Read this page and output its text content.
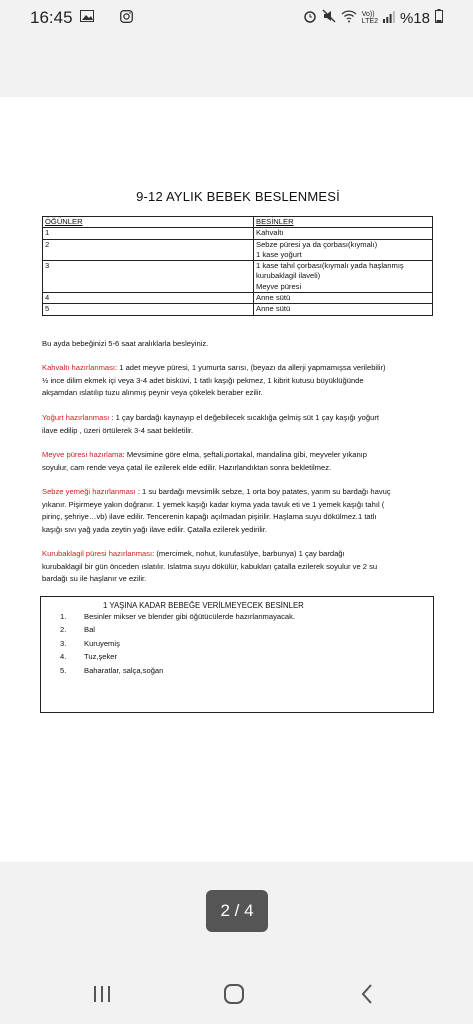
16:45	Vo))
LTE2 %18
9-12 AYLIK BEBEK BESLENMESİ
ÖĞÜNLER	BESİNLER
1	Kahvaltı

2	Sebze püresi ya da çorbası(kıymalı)
1 kase yoğurt

3	1 kase tahıl çorbası(kıymalı yada haşlanmış
kurubaklagil ilaveli)
Meyve püresi

4	Anne sütü

5	Anne sütü
Bu ayda bebeğinizi 5-6 saat aralıklarla besleyiniz.
Kahvaltı hazırlanması: 1 adet meyve püresi, 1 yumurta sarısı, (beyazı da allerji yapmamışsa verilebilir)
½ ince dilim ekmek içi veya 3-4 adet bisküvi, 1 tatlı kaşığı pekmez, 1 kibrit kutusu büyüklüğünde
akşamdan ıslatılıp tuzu alınmış peynir veya çökelek beraber ezilir.
Yoğurt hazırlanması : 1 çay bardağı kaynayıp el değebilecek sıcaklığa gelmiş süt 1 çay kaşığı yoğurt
ilave edilip , üzeri örtülerek 3-4 saat bekletilir.
Meyve püresi hazırlama: Mevsimine göre elma, şeftali,portakal, mandalina gibi, meyveler yıkanıp
soyulur, cam rende veya çatal ile ezilerek elde edilir. Hazırlandıktan sonra bekletilmez.
Sebze yemeği hazırlanması : 1 su bardağı mevsimlik sebze, 1 orta boy patates, yarım su bardağı havuç
yıkanır. Pişirmeye yakın doğranır. 1 yemek kaşığı kadar kıyma yada tavuk eti ve 1 yemek kaşığı tahıl (
pirinç, şehriye…vb) ilave edilir. Tencerenin kapağı açılmadan pişirilir. Haşlama suyu dökülmez.1 tatlı
kaşığı sıvı yağ yada zeytin yağı ilave edilir. Çatalla ezilerek yedirilir.
Kurubaklagil püresi hazırlanması: (mercimek, nohut, kurufasülye, barbunya) 1 çay bardağı
kurubaklagil bir gün önceden ıslatılır. Islatma suyu dökülür, kabukları çatalla ezilerek soyulur ve 2 su
bardağı su ile haşlanır ve ezilir.
1 YAŞINA KADAR BEBEĞE VERİLMEYECEK BESİNLER
1. Besinler mikser ve blender gibi öğütücülerde hazırlanmayacak.
2. Bal
3. Kuruyemiş
4. Tuz,şeker
5. Baharatlar, salça,soğan
2 / 4
